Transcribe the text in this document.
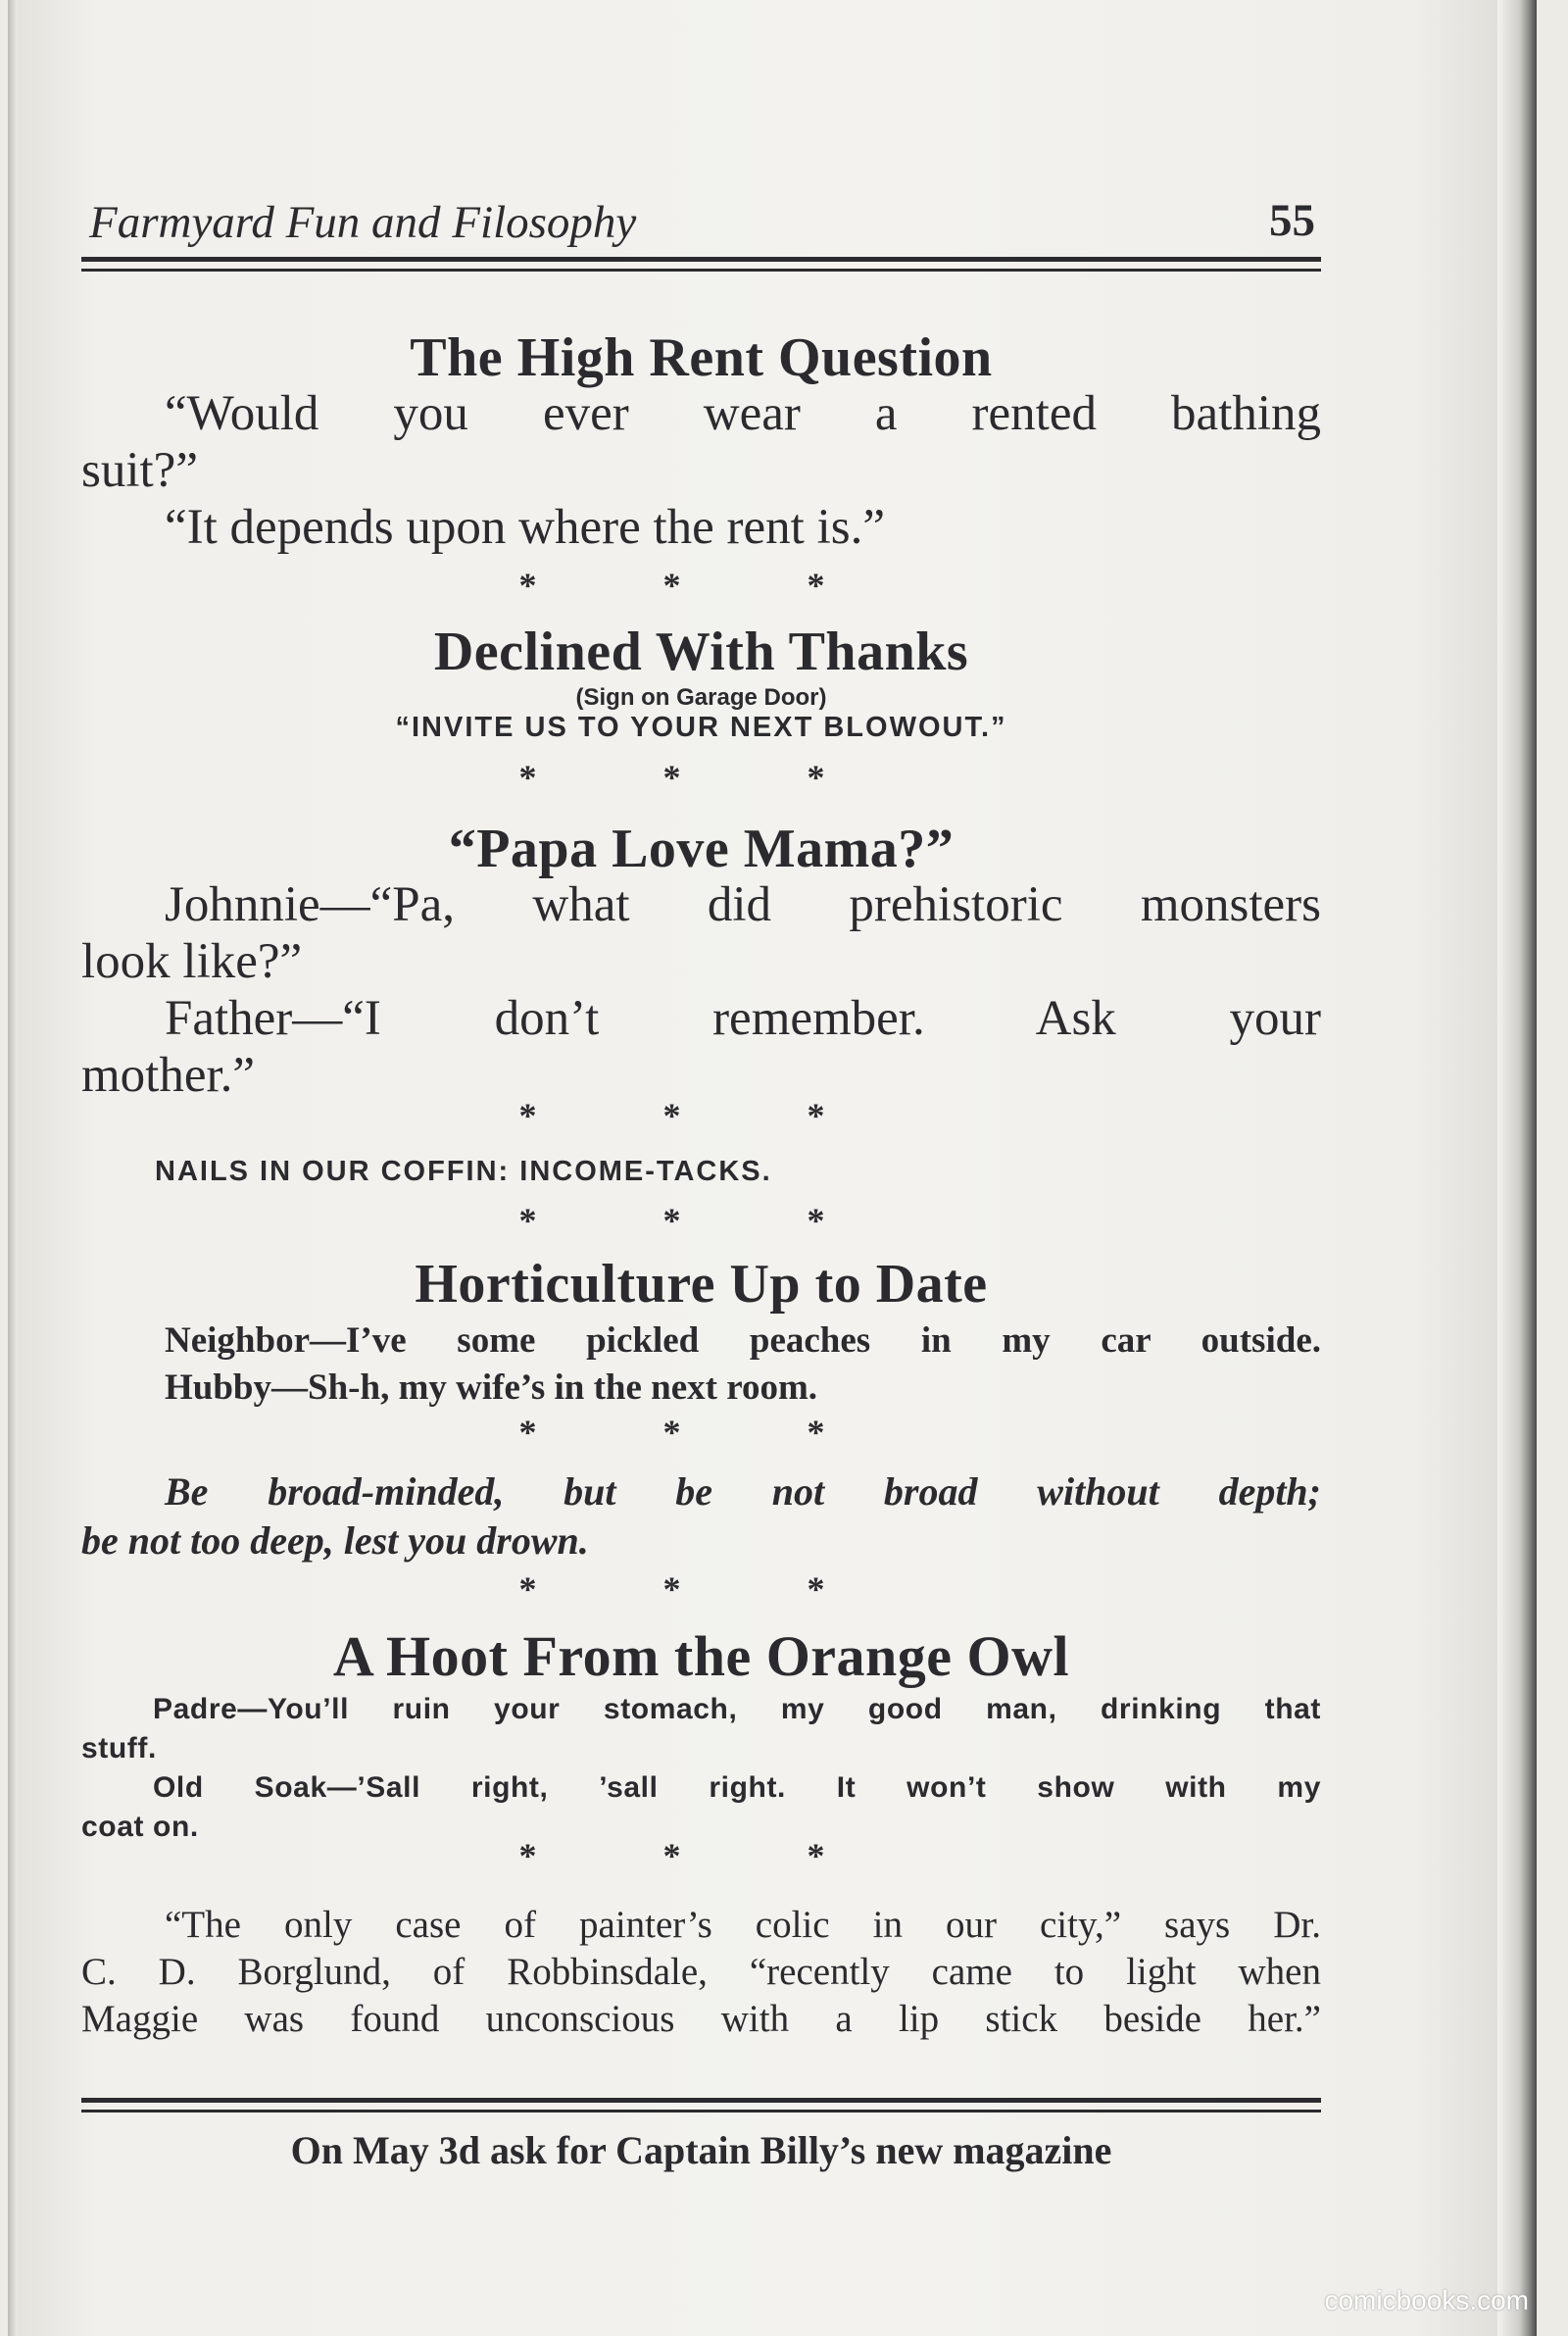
Farmyard Fun and Filosophy	55
The High Rent Question
“Would you ever wear a rented bathing
suit?”
“It depends upon where the rent is.”
* * *
Declined With Thanks
(Sign on Garage Door)
“INVITE US TO YOUR NEXT BLOWOUT.”
* * *
“Papa Love Mama?”
Johnnie—“Pa, what did prehistoric monsters
look like?”
Father—“I don’t remember. Ask your
mother.”
* * *
NAILS IN OUR COFFIN: INCOME-TACKS.
* * *
Horticulture Up to Date
Neighbor—I’ve some pickled peaches in my car outside.
Hubby—Sh-h, my wife’s in the next room.
* * *
Be broad-minded, but be not broad without depth;
be not too deep, lest you drown.
* * *
A Hoot From the Orange Owl
Padre—You’ll ruin your stomach, my good man, drinking that
stuff.
Old Soak—’Sall right, ’sall right. It won’t show with my
coat on.
* * *
“The only case of painter’s colic in our city,” says Dr.
C. D. Borglund, of Robbinsdale, “recently came to light when
Maggie was found unconscious with a lip stick beside her.”
On May 3d ask for Captain Billy’s new magazine
comicbooks.com
